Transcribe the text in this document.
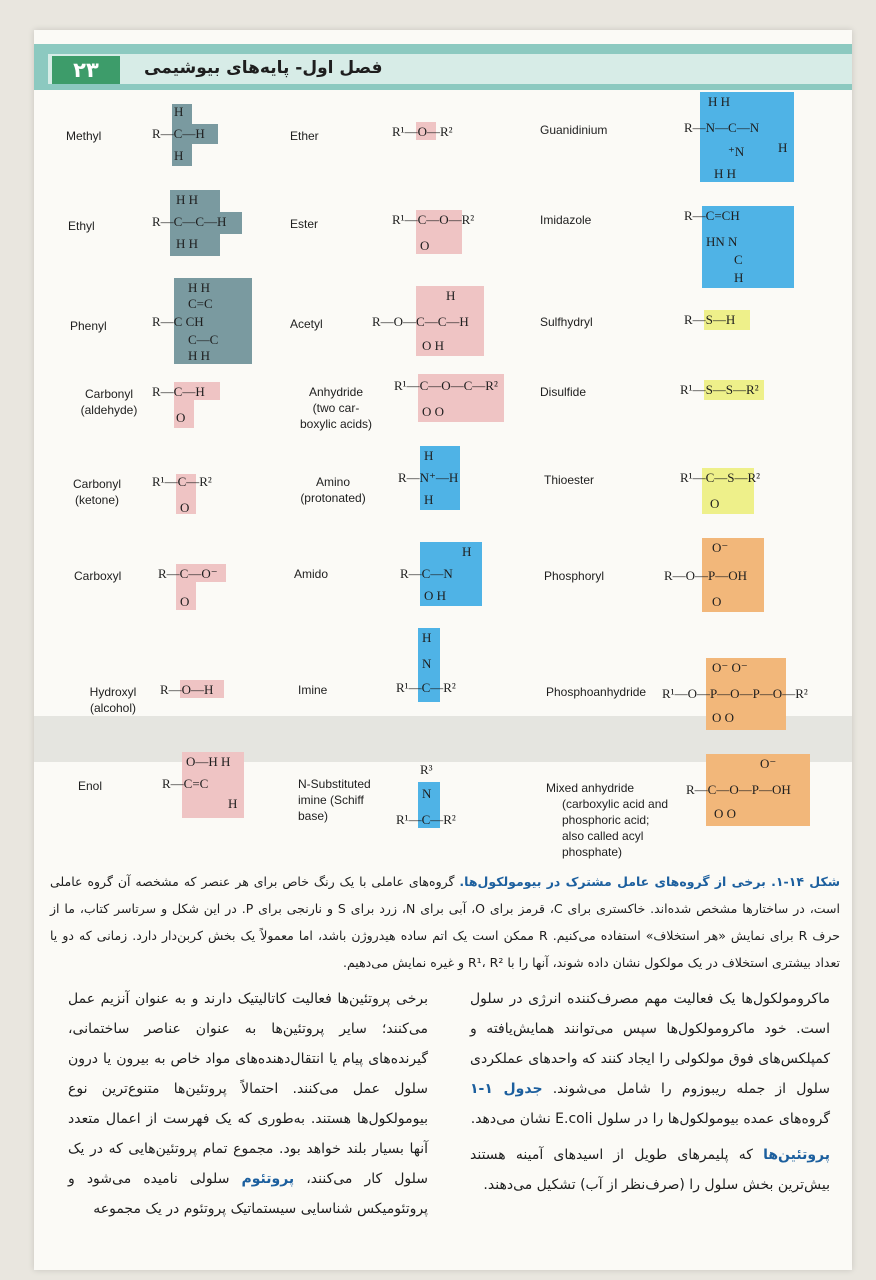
۲۳	فصل اول- پایه‌های بیوشیمی
Methyl
Ethyl
Phenyl
Carbonyl
(aldehyde)
Carbonyl
(ketone)
Carboxyl
Hydroxyl
(alcohol)
Enol
Ether
Ester
Acetyl
Anhydride
(two car-
boxylic acids)
Amino
(protonated)
Amido
Imine
N-Substituted
imine (Schiff
base)
Guanidinium
Imidazole
Sulfhydryl
Disulfide
Thioester
Phosphoryl
Phosphoanhydride
Mixed anhydride
(carboxylic acid and
phosphoric acid;
also called acyl
phosphate)
H
R—C—H
H
H H
R—C—C—H
H H
H H
C=C
R—C CH
C—C
H H
R—C—H
O
R¹—C—R²
O
R—C—O⁻
O
R—O—H
O—H H
R—C=C
H
R¹—O—R²
R¹—C—O—R²
O
H
R—O—C—C—H
O H
R¹—C—O—C—R²
O O
H
R—N⁺—H
H
H
R—C—N
O H
H
N
R¹—C—R²
R³
N
R¹—C—R²
H H
R—N—C—N
H
⁺N
H H
R—C=CH
HN N
C
H
R—S—H
R¹—S—S—R²
R¹—C—S—R²
O
O⁻
R—O—P—OH
O
O⁻ O⁻
R¹—O—P—O—P—O—R²
O O
O⁻
R—C—O—P—OH
O O
شکل ۱۴-۱. برخی از گروه‌های عامل مشترک در بیومولکول‌ها. گروه‌های عاملی با یک رنگ خاص برای هر عنصر که مشخصه آن گروه عاملی است، در ساختارها مشخص شده‌اند. خاکستری برای C، قرمز برای O، آبی برای N، زرد برای S و نارنجی برای P. در این شکل و سرتاسر کتاب، ما از حرف R برای نمایش «هر استخلاف» استفاده می‌کنیم. R ممکن است یک اتم ساده هیدروژن باشد، اما معمولاً یک بخش کربن‌دار دارد. زمانی که دو یا تعداد بیشتری استخلاف در یک مولکول نشان داده شوند، آنها را با R¹، R² و غیره نمایش می‌دهیم.
ماکرومولکول‌ها یک فعالیت مهم مصرف‌کننده انرژی در سلول است. خود ماکرومولکول‌ها سپس می‌توانند همایش‌یافته و کمپلکس‌های فوق مولکولی را ایجاد کنند که واحدهای عملکردی سلول از جمله ریبوزوم را شامل می‌شوند. جدول ۱-۱ گروه‌های عمده بیومولکول‌ها را در سلول E.coli نشان می‌دهد.
پروتئین‌ها که پلیمرهای طویل از اسیدهای آمینه هستند بیش‌ترین بخش سلول را (صرف‌نظر از آب) تشکیل می‌دهند.
برخی پروتئین‌ها فعالیت کاتالیتیک دارند و به عنوان آنزیم عمل می‌کنند؛ سایر پروتئین‌ها به عنوان عناصر ساختمانی، گیرنده‌های پیام یا انتقال‌دهنده‌های مواد خاص به بیرون یا درون سلول عمل می‌کنند. احتمالاً پروتئین‌ها متنوع‌ترین نوع بیومولکول‌ها هستند. به‌طوری که یک فهرست از اعمال متعدد آنها بسیار بلند خواهد بود. مجموع تمام پروتئین‌هایی که در یک سلول کار می‌کنند، پروتئوم سلولی نامیده می‌شود و پروتئومیکس شناسایی سیستماتیک پروتئوم در یک مجموعه
